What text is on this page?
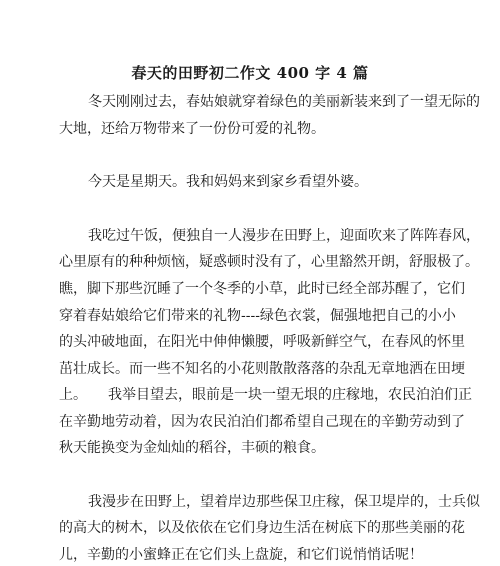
春天的田野初二作文 400 字 4 篇
冬天刚刚过去，春姑娘就穿着绿色的美丽新装来到了一望无际的
大地，还给万物带来了一份份可爱的礼物。
今天是星期天。我和妈妈来到家乡看望外婆。
我吃过午饭，便独自一人漫步在田野上，迎面吹来了阵阵春风，
心里原有的种种烦恼，疑惑顿时没有了，心里豁然开朗，舒服极了。
瞧，脚下那些沉睡了一个冬季的小草，此时已经全部苏醒了，它们
穿着春姑娘给它们带来的礼物----绿色衣裳，倔强地把自己的小小
的头冲破地面，在阳光中伸伸懒腰，呼吸新鲜空气，在春风的怀里
茁壮成长。而一些不知名的小花则散散落落的杂乱无章地洒在田埂
上。　　我举目望去，眼前是一块一望无垠的庄稼地，农民泊泊们正
在辛勤地劳动着，因为农民泊泊们都希望自己现在的辛勤劳动到了
秋天能换变为金灿灿的稻谷，丰硕的粮食。
我漫步在田野上，望着岸边那些保卫庄稼，保卫堤岸的，士兵似
的高大的树木，以及依依在它们身边生活在树底下的那些美丽的花
儿，辛勤的小蜜蜂正在它们头上盘旋，和它们说悄悄话呢！
